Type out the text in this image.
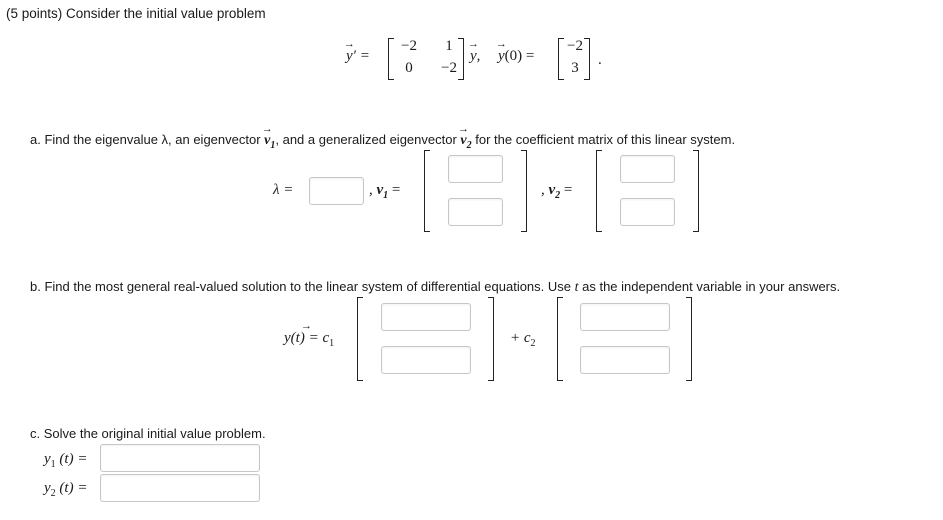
(5 points) Consider the initial value problem
y
→
′ =
−2	1
0	−2
y
→
, y
→
(0) =
−2
3	.
a. Find the eigenvalue λ, an eigenvector v
→
$_1$, and a generalized eigenvector v
→
$_2$ for the coefficient matrix of this linear system.
λ =	, $v_1$ =	, $v_2$ =
b. Find the most general real-valued solution to the linear system of differential equations. Use t as the independent variable in your answers.
y(t) = c
→
$_1$	+ $c_2$
c. Solve the original initial value problem.
$y_1$ (t) =
$y_2$ (t) =
